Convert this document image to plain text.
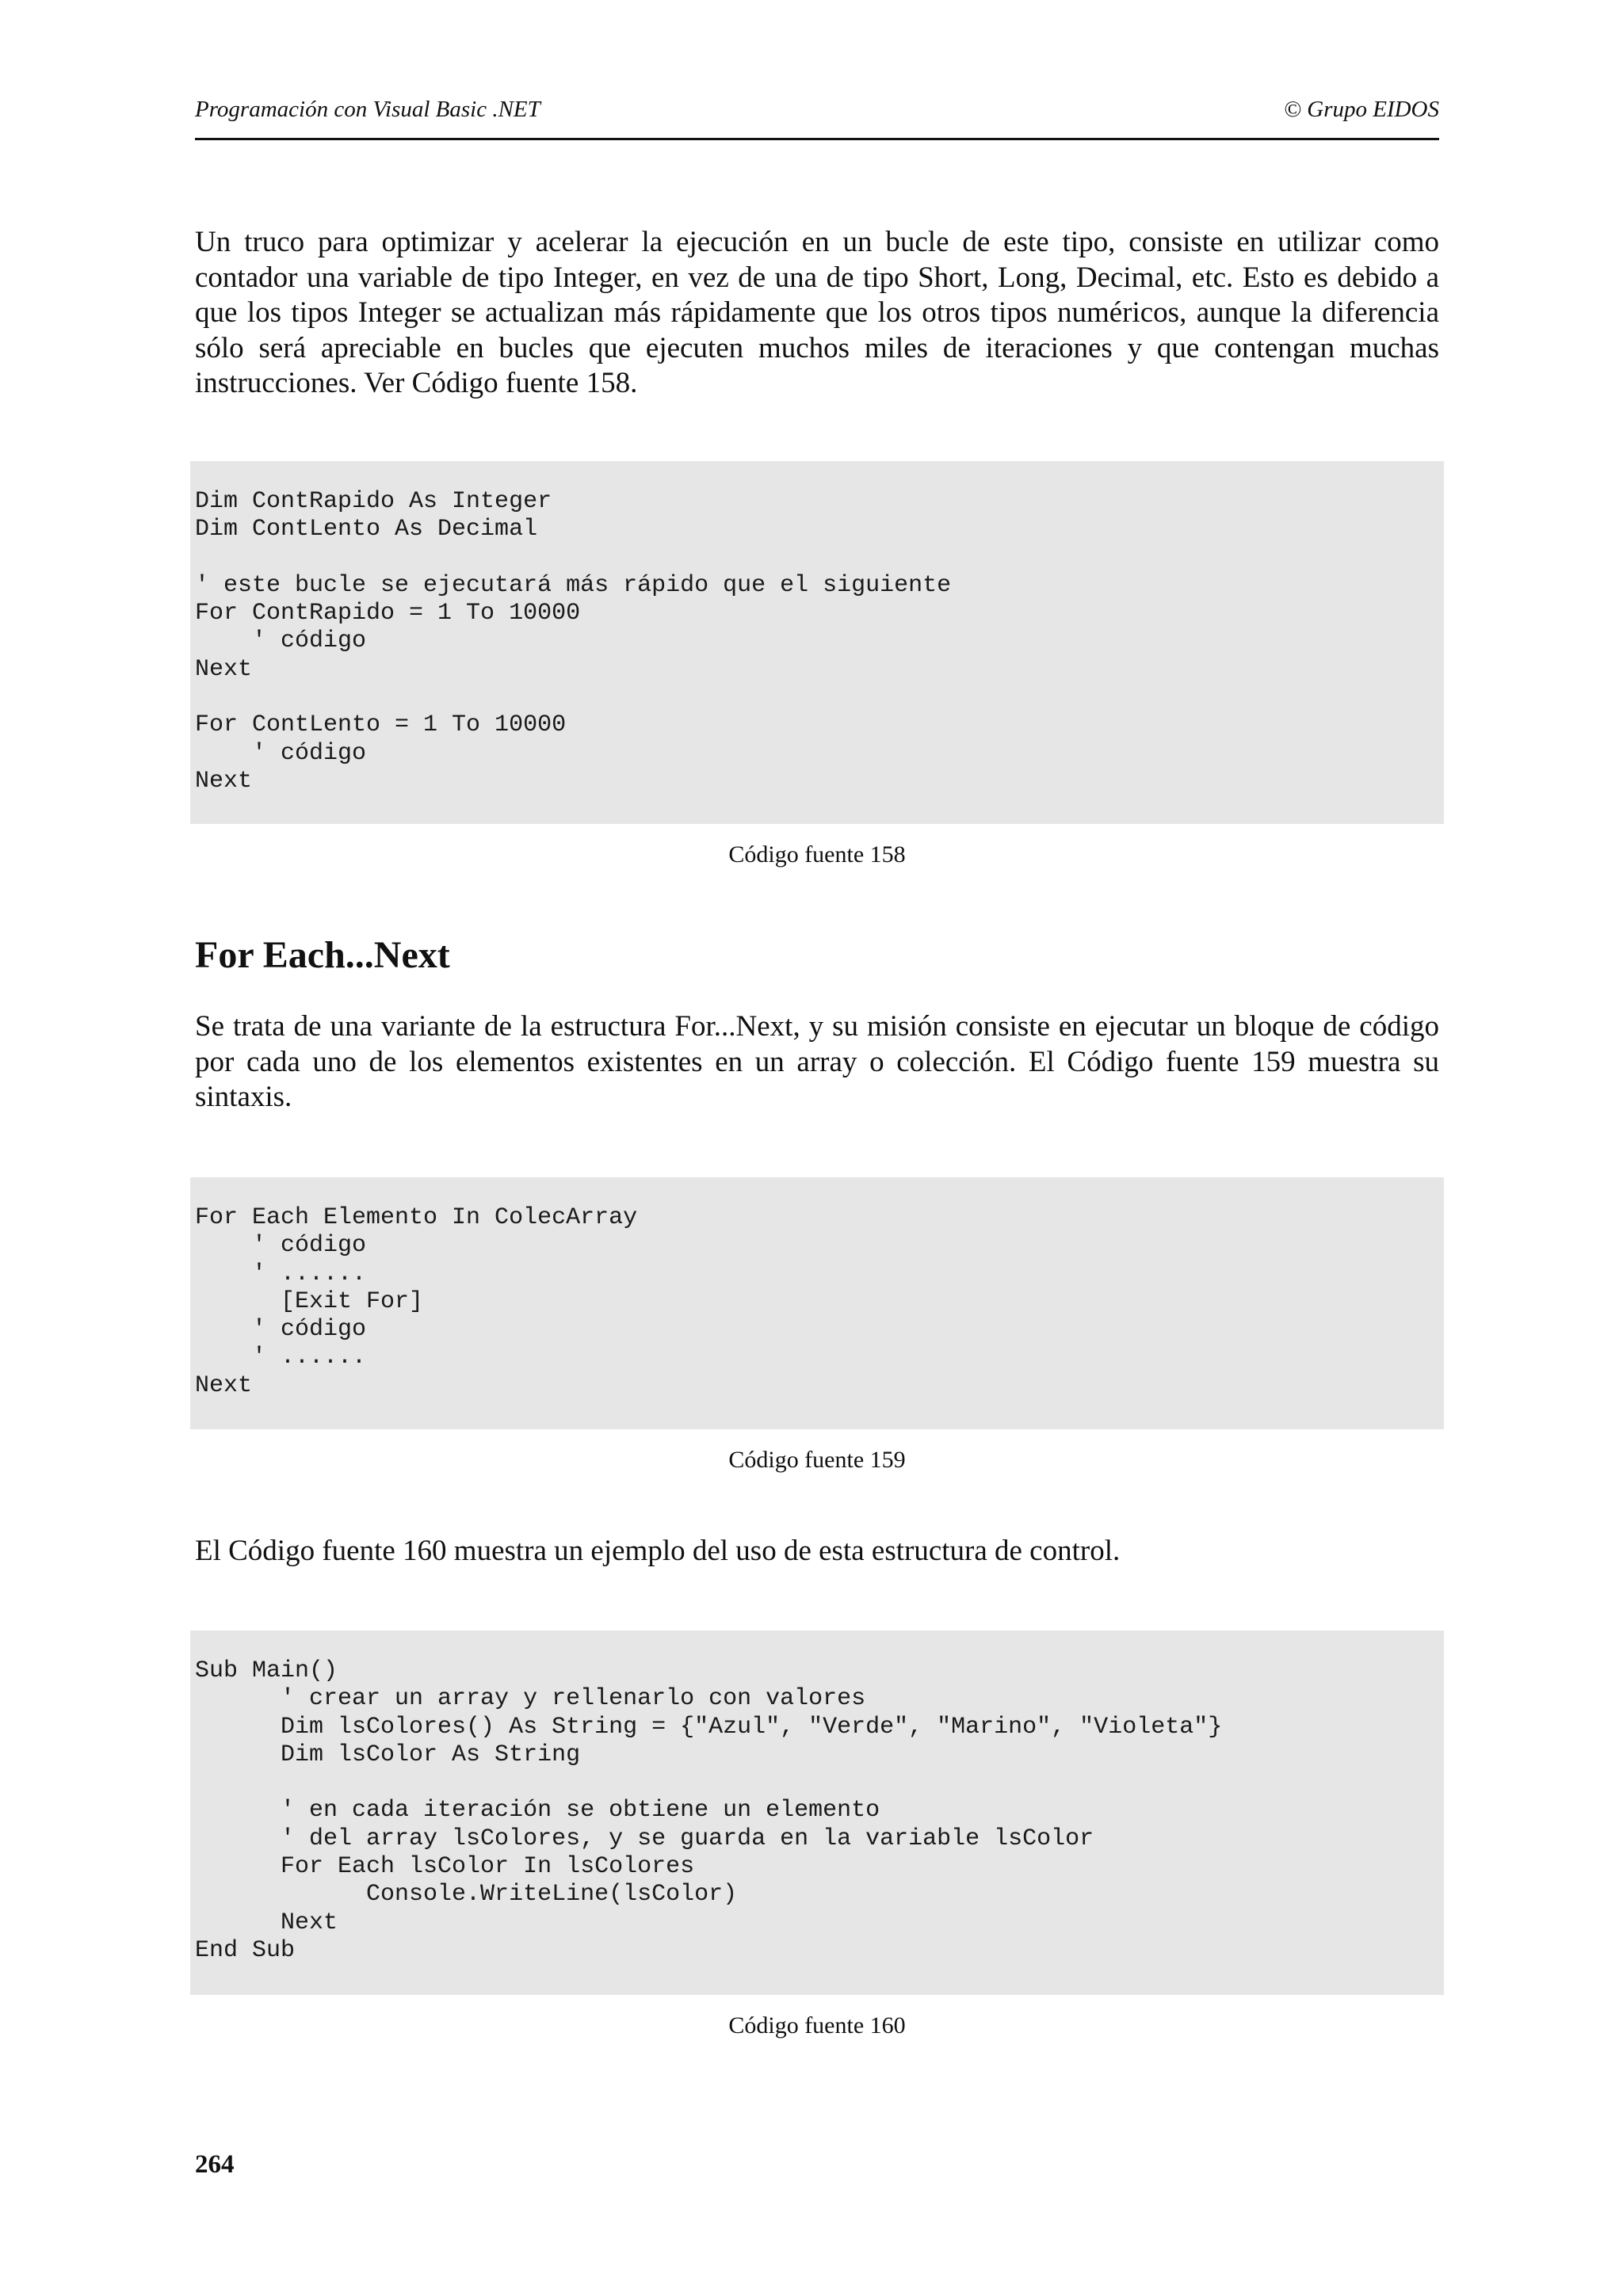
Programación con Visual Basic .NET	© Grupo EIDOS

Un truco para optimizar y acelerar la ejecución en un bucle de este tipo, consiste en utilizar como contador una variable de tipo Integer, en vez de una de tipo Short, Long, Decimal, etc. Esto es debido a que los tipos Integer se actualizan más rápidamente que los otros tipos numéricos, aunque la diferencia sólo será apreciable en bucles que ejecuten muchos miles de iteraciones y que contengan muchas instrucciones. Ver Código fuente 158.

Dim ContRapido As Integer
Dim ContLento As Decimal

' este bucle se ejecutará más rápido que el siguiente
For ContRapido = 1 To 10000
' código
Next

For ContLento = 1 To 10000
' código
Next
Código fuente 158
For Each...Next

Se trata de una variante de la estructura For...Next, y su misión consiste en ejecutar un bloque de código por cada uno de los elementos existentes en un array o colección. El Código fuente 159 muestra su sintaxis.

For Each Elemento In ColecArray
' código
' ......
[Exit For]
' código
' ......
Next
Código fuente 159

El Código fuente 160 muestra un ejemplo del uso de esta estructura de control.

Sub Main()
' crear un array y rellenarlo con valores
Dim lsColores() As String = {"Azul", "Verde", "Marino", "Violeta"}
Dim lsColor As String

' en cada iteración se obtiene un elemento
' del array lsColores, y se guarda en la variable lsColor
For Each lsColor In lsColores
Console.WriteLine(lsColor)
Next
End Sub
Código fuente 160
264
